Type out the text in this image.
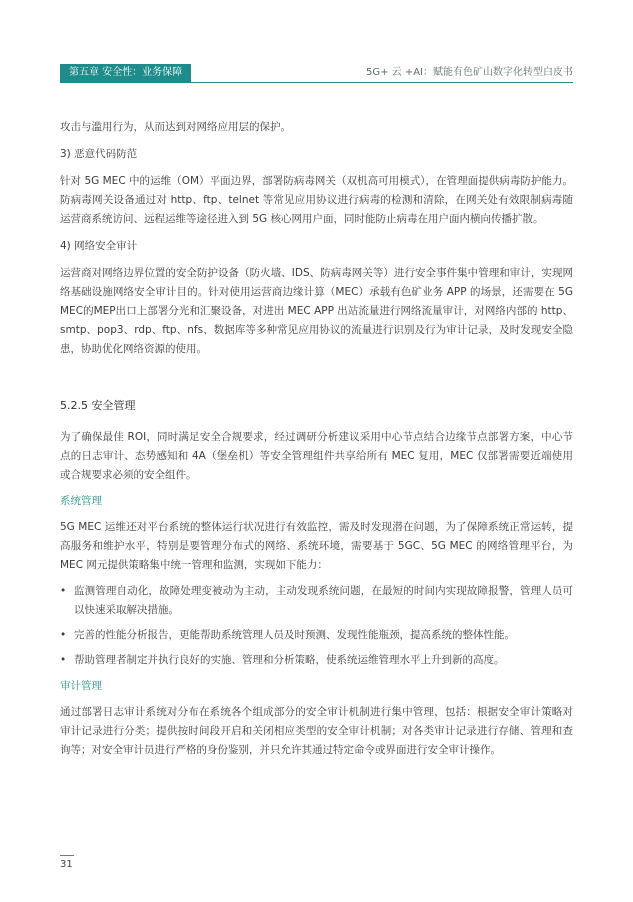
第五章 安全性：业务保障	5G+ 云 +AI：赋能有色矿山数字化转型白皮书

攻击与滥用行为，从而达到对网络应用层的保护。

3) 恶意代码防范

针对 5G MEC 中的运维（OM）平面边界，部署防病毒网关（双机高可用模式），在管理面提供病毒防护能力。防病毒网关设备通过对 http、ftp、telnet 等常见应用协议进行病毒的检测和清除，在网关处有效限制病毒随运营商系统访问、远程运维等途径进入到 5G 核心网用户面，同时能防止病毒在用户面内横向传播扩散。

4) 网络安全审计

运营商对网络边界位置的安全防护设备（防火墙、IDS、防病毒网关等）进行安全事件集中管理和审计，实现网络基础设施网络安全审计目的。针对使用运营商边缘计算（MEC）承载有色矿业务 APP 的场景，还需要在 5G MEC的MEP出口上部署分光和汇聚设备，对进出 MEC APP 出站流量进行网络流量审计，对网络内部的 http、smtp、pop3、rdp、ftp、nfs、数据库等多种常见应用协议的流量进行识别及行为审计记录，及时发现安全隐患，协助优化网络资源的使用。

5.2.5 安全管理

为了确保最佳 ROI，同时满足安全合规要求，经过调研分析建议采用中心节点结合边缘节点部署方案，中心节点的日志审计、态势感知和 4A（堡垒机）等安全管理组件共享给所有 MEC 复用，MEC 仅部署需要近端使用或合规要求必须的安全组件。

系统管理

5G MEC 运维还对平台系统的整体运行状况进行有效监控，需及时发现潜在问题，为了保障系统正常运转，提高服务和维护水平，特别是要管理分布式的网络、系统环境，需要基于 5GC、5G MEC 的网络管理平台，为 MEC 网元提供策略集中统一管理和监测，实现如下能力：

• 监测管理自动化，故障处理变被动为主动，主动发现系统问题，在最短的时间内实现故障报警，管理人员可以快速采取解决措施。

• 完善的性能分析报告，更能帮助系统管理人员及时预测、发现性能瓶颈，提高系统的整体性能。

• 帮助管理者制定并执行良好的实施、管理和分析策略，使系统运维管理水平上升到新的高度。

审计管理

通过部署日志审计系统对分布在系统各个组成部分的安全审计机制进行集中管理，包括：根据安全审计策略对审计记录进行分类；提供按时间段开启和关闭相应类型的安全审计机制；对各类审计记录进行存储、管理和查询等；对安全审计员进行严格的身份鉴别，并只允许其通过特定命令或界面进行安全审计操作。

31
